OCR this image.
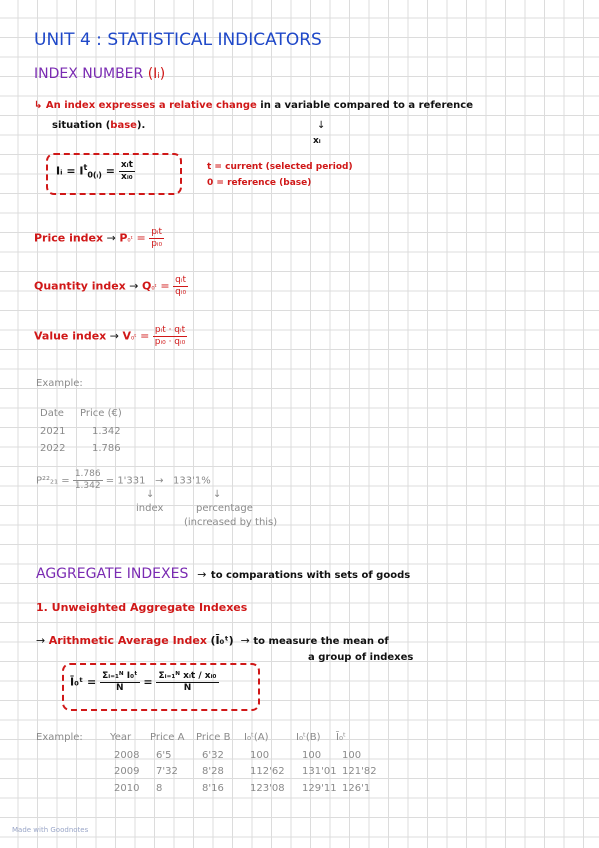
UNIT 4 : STATISTICAL INDICATORS
INDEX NUMBER (Iᵢ)
↳ An index expresses a relative change in a variable compared to a reference
situation (base).	↓
xᵢ
Iᵢ = $I^t_{0(ᵢ)} = \frac{\text{xᵢt}}{\text{xᵢ₀}}$	t = current (selected period)
0 = reference (base)
Price index → P₀ᵗ = $\frac{\text{pᵢt}}{\text{pᵢ₀}}$
Quantity index → Q₀ᵗ = $\frac{\text{qᵢt}}{\text{qᵢ₀}}$
Value index → V₀ᵗ = $\frac{\text{pᵢt · qᵢt}}{\text{pᵢ₀ · qᵢ₀}}$
Example:
Date Price (€)
2021	1.342
2022	1.786
$P^{22}_{21} = \frac{1.786}{1.342} = 1'331 \to 133'1\%$
↓
index
↓
percentage
(increased by this)
AGGREGATE INDEXES → to comparations with sets of goods
1. Unweighted Aggregate Indexes
→ Arithmetic Average Index (Ī₀ᵗ) → to measure the mean of
a group of indexes
Ī₀ᵗ = $\frac{\text{Σᵢ₌₁ᴺ I₀ᵗ}}{N} = \frac{\text{Σᵢ₌₁ᴺ xᵢt / xᵢ₀}}{N}$
Example:	Year Price A Price B I₀ᵗ(A)	I₀ᵗ(B) Ī₀ᵗ
2008 6'5	6'32	100	100 100
2009 7'32 8'28	112'62 131'01 121'82
2010 8	8'16	123'08 129'11 126'1
Made with Goodnotes
